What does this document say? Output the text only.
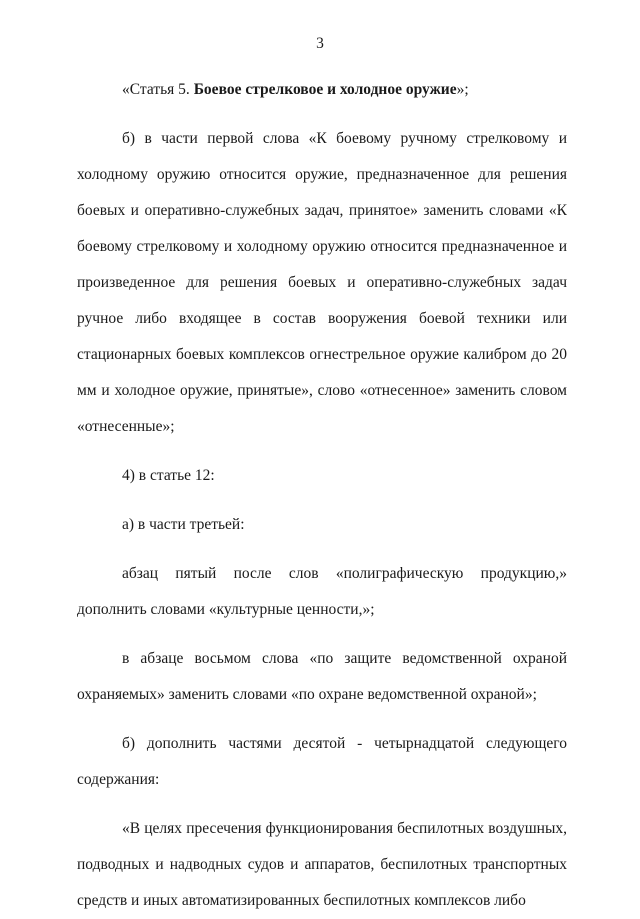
3

«Статья 5. Боевое стрелковое и холодное оружие»;

б) в части первой слова «К боевому ручному стрелковому и холодному оружию относится оружие, предназначенное для решения боевых и оперативно-служебных задач, принятое» заменить словами «К боевому стрелковому и холодному оружию относится предназначенное и произведенное для решения боевых и оперативно-служебных задач ручное либо входящее в состав вооружения боевой техники или стационарных боевых комплексов огнестрельное оружие калибром до 20 мм и холодное оружие, принятые», слово «отнесенное» заменить словом «отнесенные»;

4) в статье 12:

а) в части третьей:

абзац пятый после слов «полиграфическую продукцию,» дополнить словами «культурные ценности,»;

в абзаце восьмом слова «по защите ведомственной охраной охраняемых» заменить словами «по охране ведомственной охраной»;

б) дополнить частями десятой - четырнадцатой следующего содержания:

«В целях пресечения функционирования беспилотных воздушных, подводных и надводных судов и аппаратов, беспилотных транспортных средств и иных автоматизированных беспилотных комплексов либо
